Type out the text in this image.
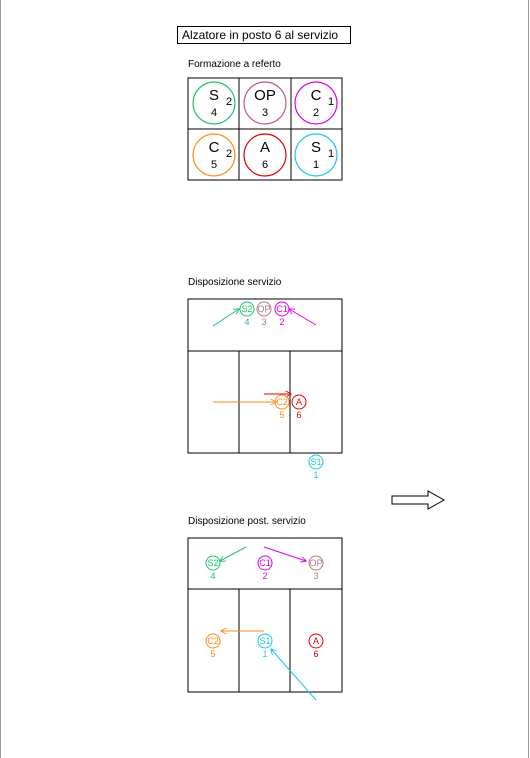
Alzatore in posto 6 al servizio
Formazione a referto
Disposizione servizio
Disposizione post. servizio
S 2
4
OP
3
C 1
2
C 2
5
A
6
S 1
1
S2
4
OP
3
C1
2
C2
5
A
6
S1
1
S2
4
C1
2
OP
3
C2
5
S1
1
A
6
